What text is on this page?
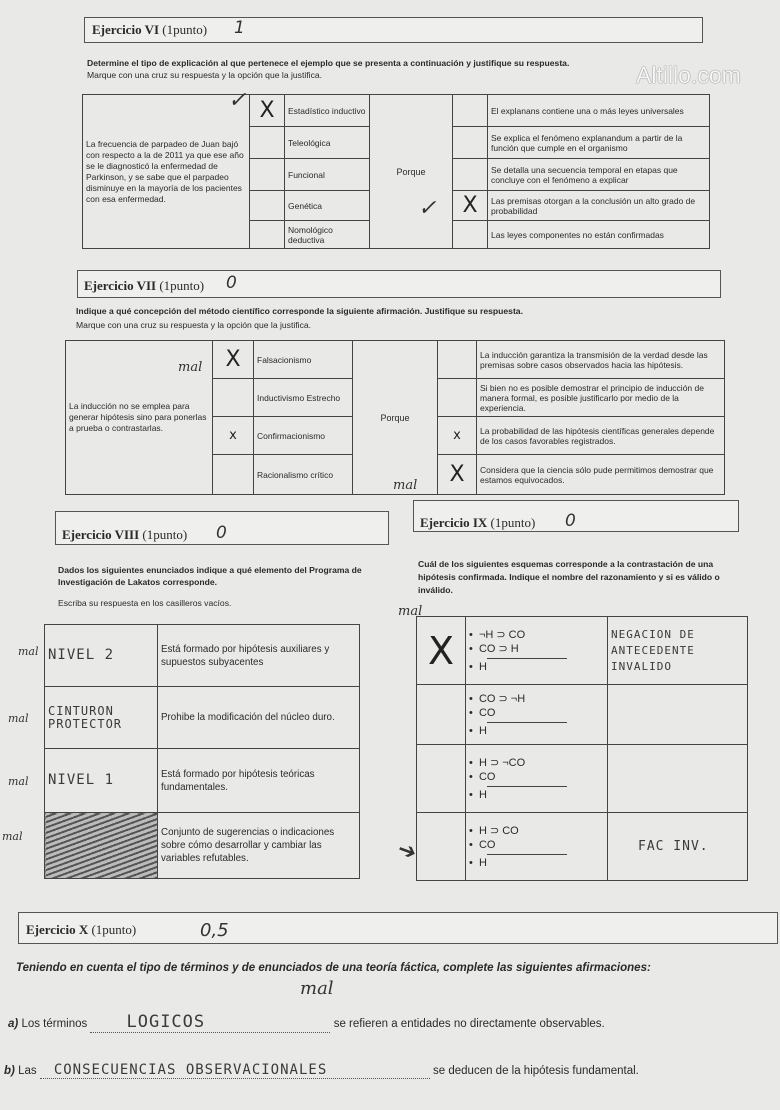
Altillo.com
Ejercicio VI (1punto) 1
Determine el tipo de explicación al que pertenece el ejemplo que se presenta a continuación y justifique su respuesta.
Marque con una cruz su respuesta y la opción que la justifica.
La frecuencia de parpadeo de Juan bajó con respecto a la de 2011 ya que ese año se le diagnosticó la enfermedad de Parkinson, y se sabe que el parpadeo disminuye en la mayoría de los pacientes con esa enfermedad.	X	Estadístico inductivo	Porque		El explanans contiene una o más leyes universales
		Teleológica			Se explica el fenómeno explanandum a partir de la función que cumple en el organismo
		Funcional			Se detalla una secuencia temporal en etapas que concluye con el fenómeno a explicar
		Genética		X	Las premisas otorgan a la conclusión un alto grado de probabilidad
		Nomológico deductiva			Las leyes componentes no están confirmadas
✓
✓
Ejercicio VII (1punto) 0
Indique a qué concepción del método científico corresponde la siguiente afirmación. Justifique su respuesta.
Marque con una cruz su respuesta y la opción que la justifica.
La inducción no se emplea para generar hipótesis sino para ponerlas a prueba o contrastarlas.	X	Falsacionismo	Porque		La inducción garantiza la transmisión de la verdad desde las premisas sobre casos observados hacia las hipótesis.
		Inductivismo Estrecho			Si bien no es posible demostrar el principio de inducción de manera formal, es posible justificarlo por medio de la experiencia.
	x	Confirmacionismo		x	La probabilidad de las hipótesis científicas generales depende de los casos favorables registrados.
		Racionalismo crítico		X	Considera que la ciencia sólo pude permitimos demostrar que estamos equivocados.
mal
mal
Ejercicio VIII (1punto) 0
Dados los siguientes enunciados indique a qué elemento del Programa de Investigación de Lakatos corresponde.
Escriba su respuesta en los casilleros vacíos.
NIVEL 2	Está formado por hipótesis auxiliares y supuestos subyacentes
CINTURON PROTECTOR	Prohibe la modificación del núcleo duro.
NIVEL 1	Está formado por hipótesis teóricas fundamentales.
	Conjunto de sugerencias o indicaciones sobre cómo desarrollar y cambiar las variables refutables.
mal
mal
mal
mal
Ejercicio IX (1punto) 0
Cuál de los siguientes esquemas corresponde a la contrastación de una hipótesis confirmada. Indique el nombre del razonamiento y si es válido o inválido.
X	•  ¬H ⊃ CO
•  CO ⊃ H
•  H	NEGACION DE ANTECEDENTE INVALIDO

	•  CO ⊃ ¬H
•  CO
•  H	

	•  H ⊃ ¬CO
•  CO
•  H	

	•  H ⊃ CO
•  CO
•  H	FAC INV.
mal
➔
Ejercicio X (1punto)	0,5
Teniendo en cuenta el tipo de términos y de enunciados de una teoría fáctica, complete las siguientes afirmaciones:
mal
a) Los términos LOGICOS	se refieren a entidades no directamente observables.
b) Las CONSECUENCIAS OBSERVACIONALES	se deducen de la hipótesis fundamental.
